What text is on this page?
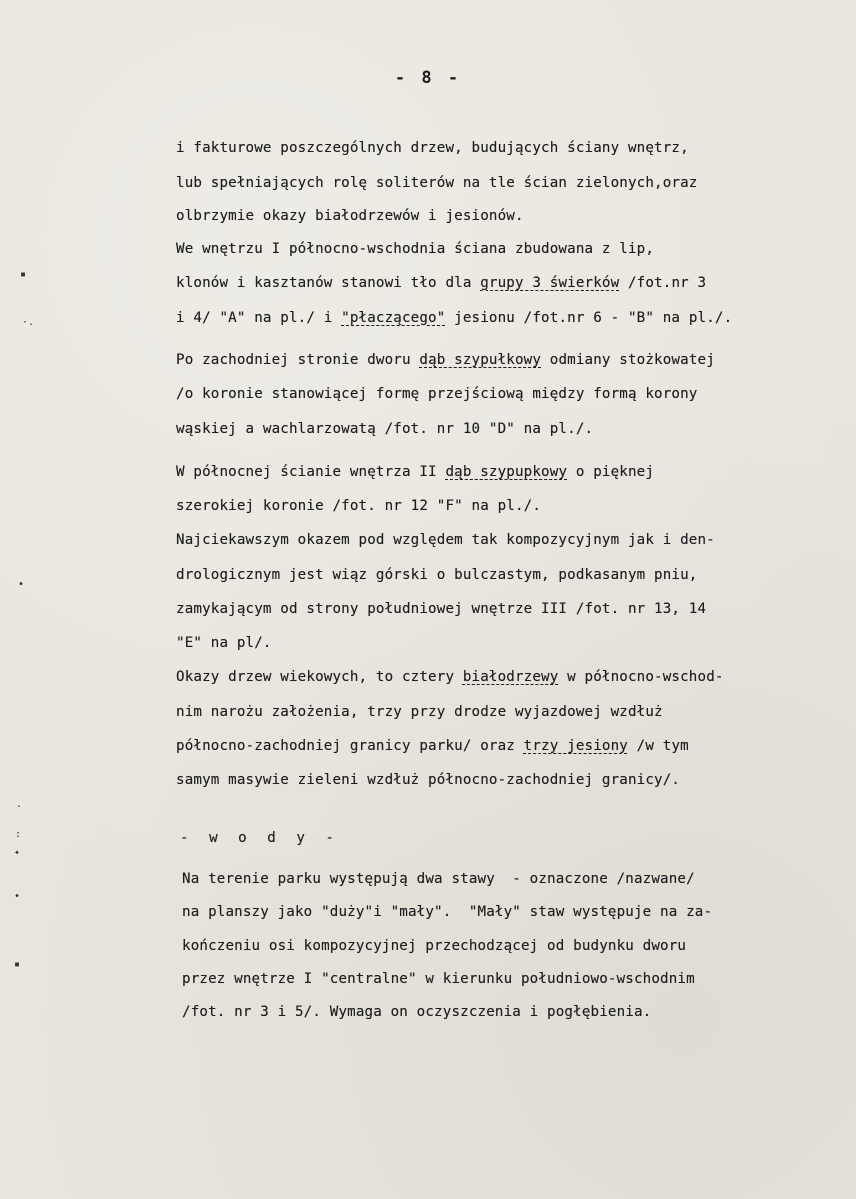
- 8 -
i fakturowe poszczególnych drzew, budujących ściany wnętrz,
lub spełniających rolę soliterów na tle ścian zielonych,oraz
olbrzymie okazy białodrzewów i jesionów.
We wnętrzu I północno-wschodnia ściana zbudowana z lip,
klonów i kasztanów stanowi tło dla grupy 3 świerków /fot.nr 3
i 4/ "A" na pl./ i "płaczącego" jesionu /fot.nr 6 - "B" na pl./.
Po zachodniej stronie dworu dąb szypułkowy odmiany stożkowatej
/o koronie stanowiącej formę przejściową między formą korony
wąskiej a wachlarzowatą /fot. nr 10 "D" na pl./.
W północnej ścianie wnętrza II dąb szypupkowy o pięknej
szerokiej koronie /fot. nr 12 "F" na pl./.
Najciekawszym okazem pod względem tak kompozycyjnym jak i den-
drologicznym jest wiąz górski o bulczastym, podkasanym pniu,
zamykającym od strony południowej wnętrze III /fot. nr 13, 14
"E" na pl/.
Okazy drzew wiekowych, to cztery białodrzewy w północno-wschod-
nim narożu założenia, trzy przy drodze wyjazdowej wzdłuż
północno-zachodniej granicy parku/ oraz trzy jesiony /w tym
samym masywie zieleni wzdłuż północno-zachodniej granicy/.
- w o d y -
Na terenie parku występują dwa stawy  - oznaczone /nazwane/
na planszy jako "duży"i "mały".  "Mały" staw występuje na za-
kończeniu osi kompozycyjnej przechodzącej od budynku dworu
przez wnętrze I "centralne" w kierunku południowo-wschodnim
/fot. nr 3 i 5/. Wymaga on oczyszczenia i pogłębienia.
▪
·.
•
.
:
✦
•
▪
